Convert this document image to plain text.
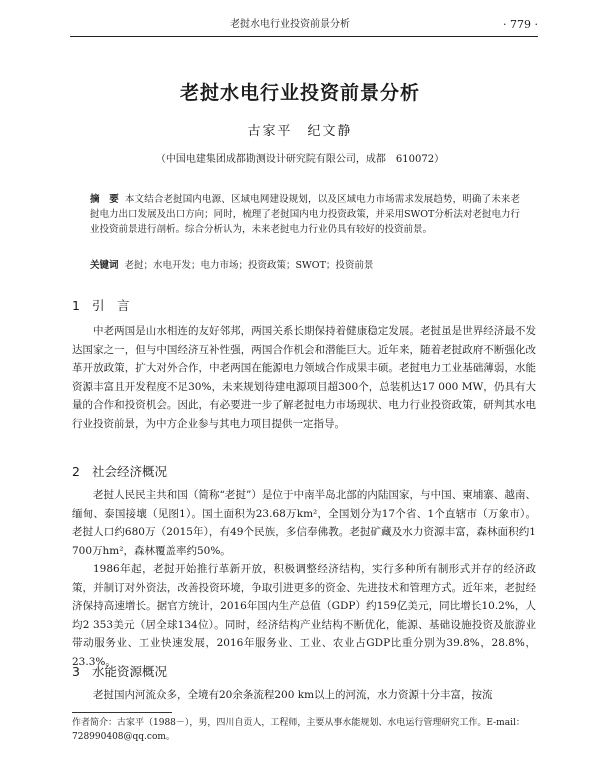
老挝水电行业投资前景分析	· 779 ·
老挝水电行业投资前景分析
古家平　纪文静
（中国电建集团成都勘测设计研究院有限公司，成都　610072）
摘　要 本文结合老挝国内电源、区域电网建设规划，以及区域电力市场需求发展趋势，明确了未来老挝电力出口发展及出口方向；同时，梳理了老挝国内电力投资政策，并采用SWOT分析法对老挝电力行业投资前景进行剖析。综合分析认为，未来老挝电力行业仍具有较好的投资前景。
关键词 老挝；水电开发；电力市场；投资政策；SWOT；投资前景
1 引　言
中老两国是山水相连的友好邻邦，两国关系长期保持着健康稳定发展。老挝虽是世界经济最不发达国家之一，但与中国经济互补性强，两国合作机会和潜能巨大。近年来，随着老挝政府不断强化改革开放政策，扩大对外合作，中老两国在能源电力领域合作成果丰硕。老挝电力工业基础薄弱，水能资源丰富且开发程度不足30%，未来规划待建电源项目超300个，总装机达17 000 MW，仍具有大量的合作和投资机会。因此，有必要进一步了解老挝电力市场现状、电力行业投资政策，研判其水电行业投资前景，为中方企业参与其电力项目提供一定指导。
2 社会经济概况
老挝人民民主共和国（简称“老挝”）是位于中南半岛北部的内陆国家，与中国、柬埔寨、越南、缅甸、泰国接壤（见图1）。国土面积为23.68万km²，全国划分为17个省、1个直辖市（万象市）。老挝人口约680万（2015年），有49个民族，多信奉佛教。老挝矿藏及水力资源丰富，森林面积约1 700万hm²，森林覆盖率约50%。
1986年起，老挝开始推行革新开放，积极调整经济结构，实行多种所有制形式并存的经济政策，并制订对外资法，改善投资环境，争取引进更多的资金、先进技术和管理方式。近年来，老挝经济保持高速增长。据官方统计，2016年国内生产总值（GDP）约159亿美元，同比增长10.2%，人均2 353美元（居全球134位）。同时，经济结构产业结构不断优化，能源、基础设施投资及旅游业带动服务业、工业快速发展，2016年服务业、工业、农业占GDP比重分别为39.8%，28.8%，23.3%。
3 水能资源概况
老挝国内河流众多，全境有20余条流程200 km以上的河流，水力资源十分丰富，按流
作者简介：古家平（1988－），男，四川自贡人，工程师，主要从事水能规划、水电运行管理研究工作。E-mail：728990408@qq.com。
